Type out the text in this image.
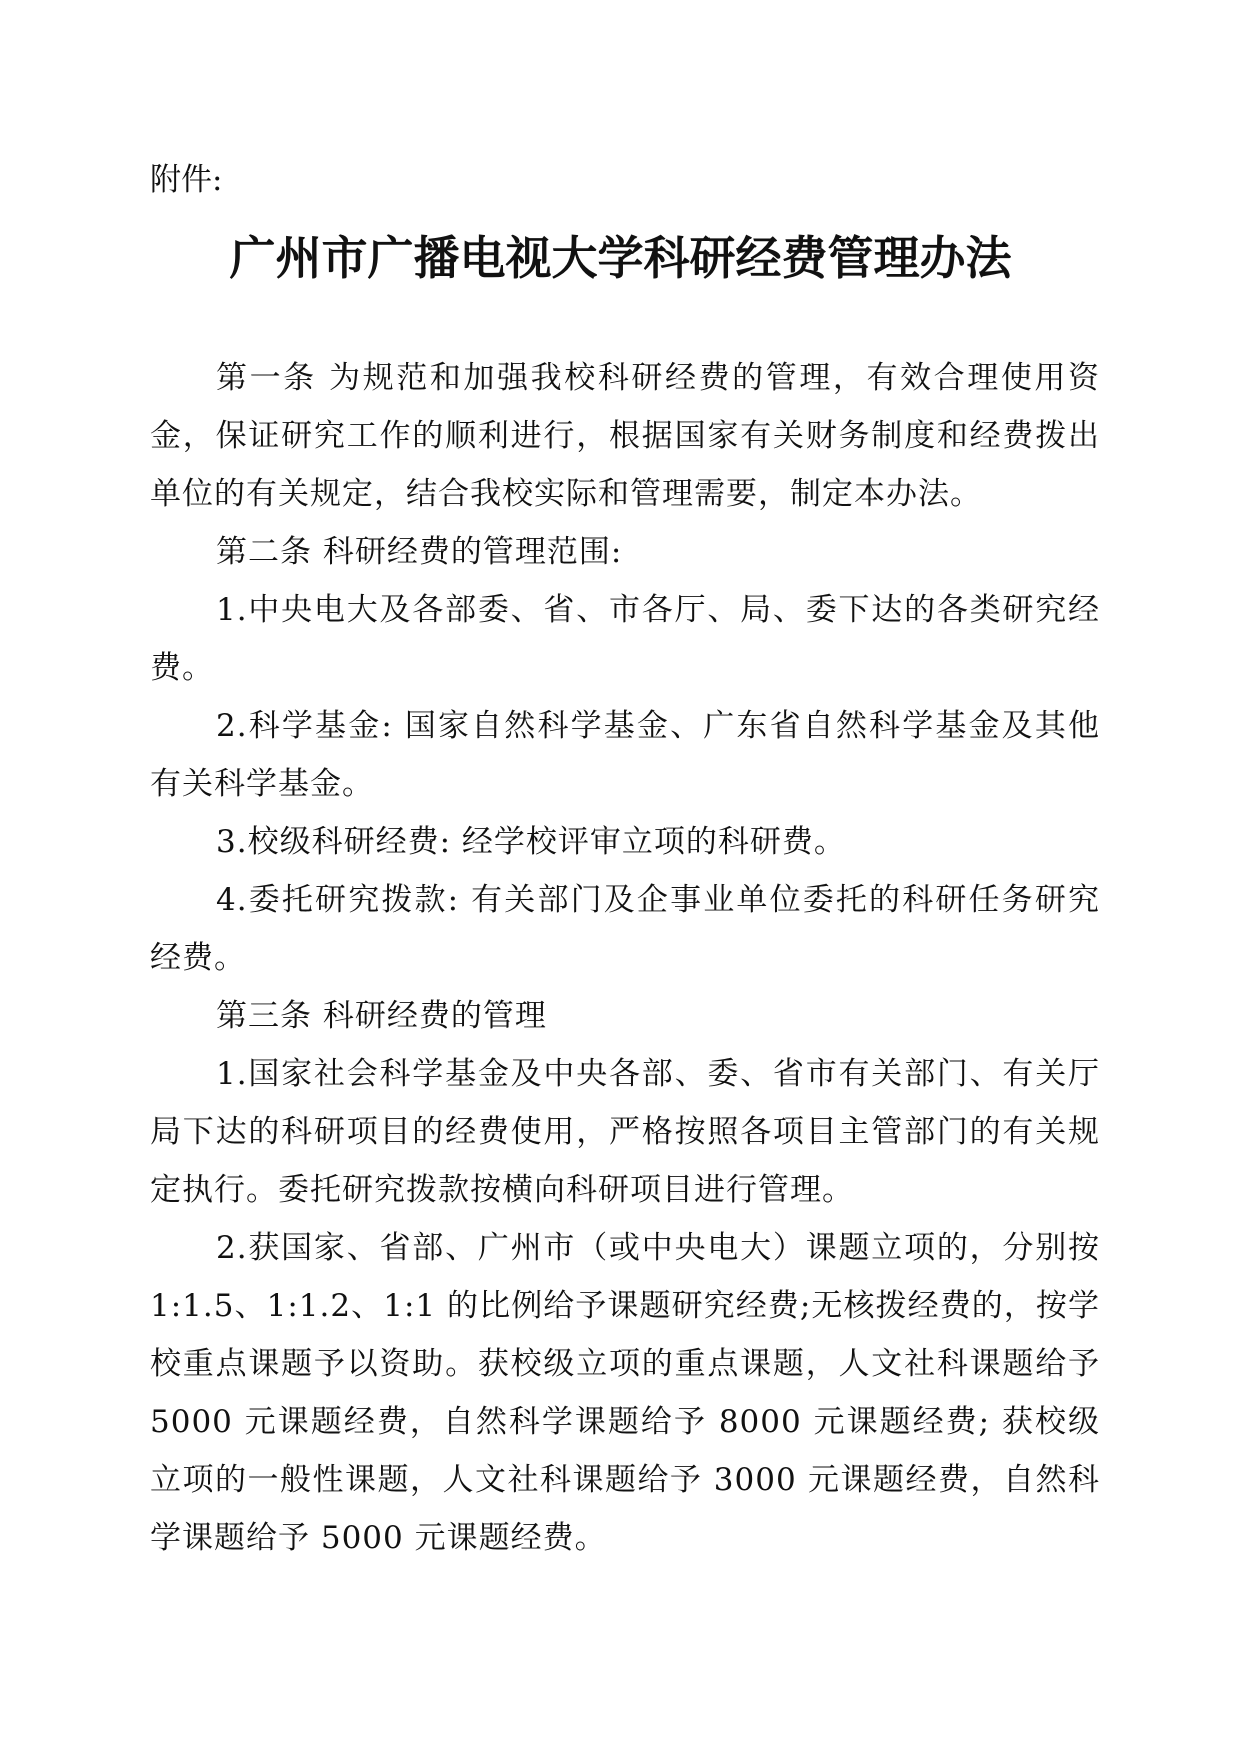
附件:

广州市广播电视大学科研经费管理办法

第一条 为规范和加强我校科研经费的管理，有效合理使用资金，保证研究工作的顺利进行，根据国家有关财务制度和经费拨出单位的有关规定，结合我校实际和管理需要，制定本办法。

第二条 科研经费的管理范围:

1.中央电大及各部委、省、市各厅、局、委下达的各类研究经费。

2.科学基金: 国家自然科学基金、广东省自然科学基金及其他有关科学基金。

3.校级科研经费: 经学校评审立项的科研费。

4.委托研究拨款: 有关部门及企事业单位委托的科研任务研究经费。

第三条 科研经费的管理

1.国家社会科学基金及中央各部、委、省市有关部门、有关厅局下达的科研项目的经费使用，严格按照各项目主管部门的有关规定执行。委托研究拨款按横向科研项目进行管理。

2.获国家、省部、广州市（或中央电大）课题立项的，分别按1:1.5、1:1.2、1:1 的比例给予课题研究经费;无核拨经费的，按学校重点课题予以资助。获校级立项的重点课题，人文社科课题给予5000 元课题经费，自然科学课题给予 8000 元课题经费; 获校级立项的一般性课题，人文社科课题给予 3000 元课题经费，自然科学课题给予 5000 元课题经费。
